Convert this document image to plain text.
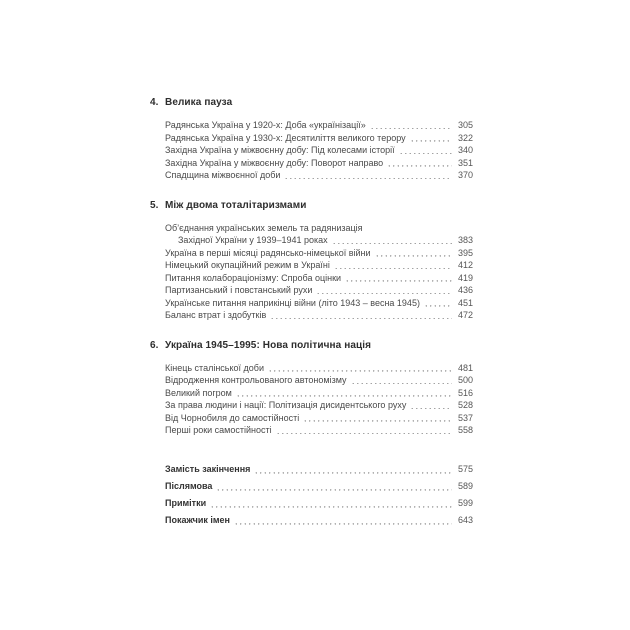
4. Велика пауза
Радянська Україна у 1920-х: Доба «українізації»	305
Радянська Україна у 1930-х: Десятиліття великого терору	322
Західна Україна у міжвоєнну добу: Під колесами історії	340
Західна Україна у міжвоєнну добу: Поворот направо	351
Спадщина міжвоєнної доби	370
5. Між двома тоталітаризмами
Об’єднання українських земель та радянизація
Західної України у 1939–1941 роках	383
Україна в перші місяці радянсько-німецької війни	395
Німецький окупаційний режим в Україні	412
Питання колабораціонізму: Спроба оцінки	419
Партизанський і повстанський рухи	436
Українське питання наприкінці війни (літо 1943 – весна 1945)	451
Баланс втрат і здобутків	472
6. Україна 1945–1995: Нова політична нація
Кінець сталінської доби	481
Відродження контрольованого автономізму	500
Великий погром	516
За права людини і нації: Політизація дисидентського руху	528
Від Чорнобиля до самостійності	537
Перші роки самостійності	558
Замість закінчення	575
Післямова	589
Примітки	599
Покажчик імен	643
